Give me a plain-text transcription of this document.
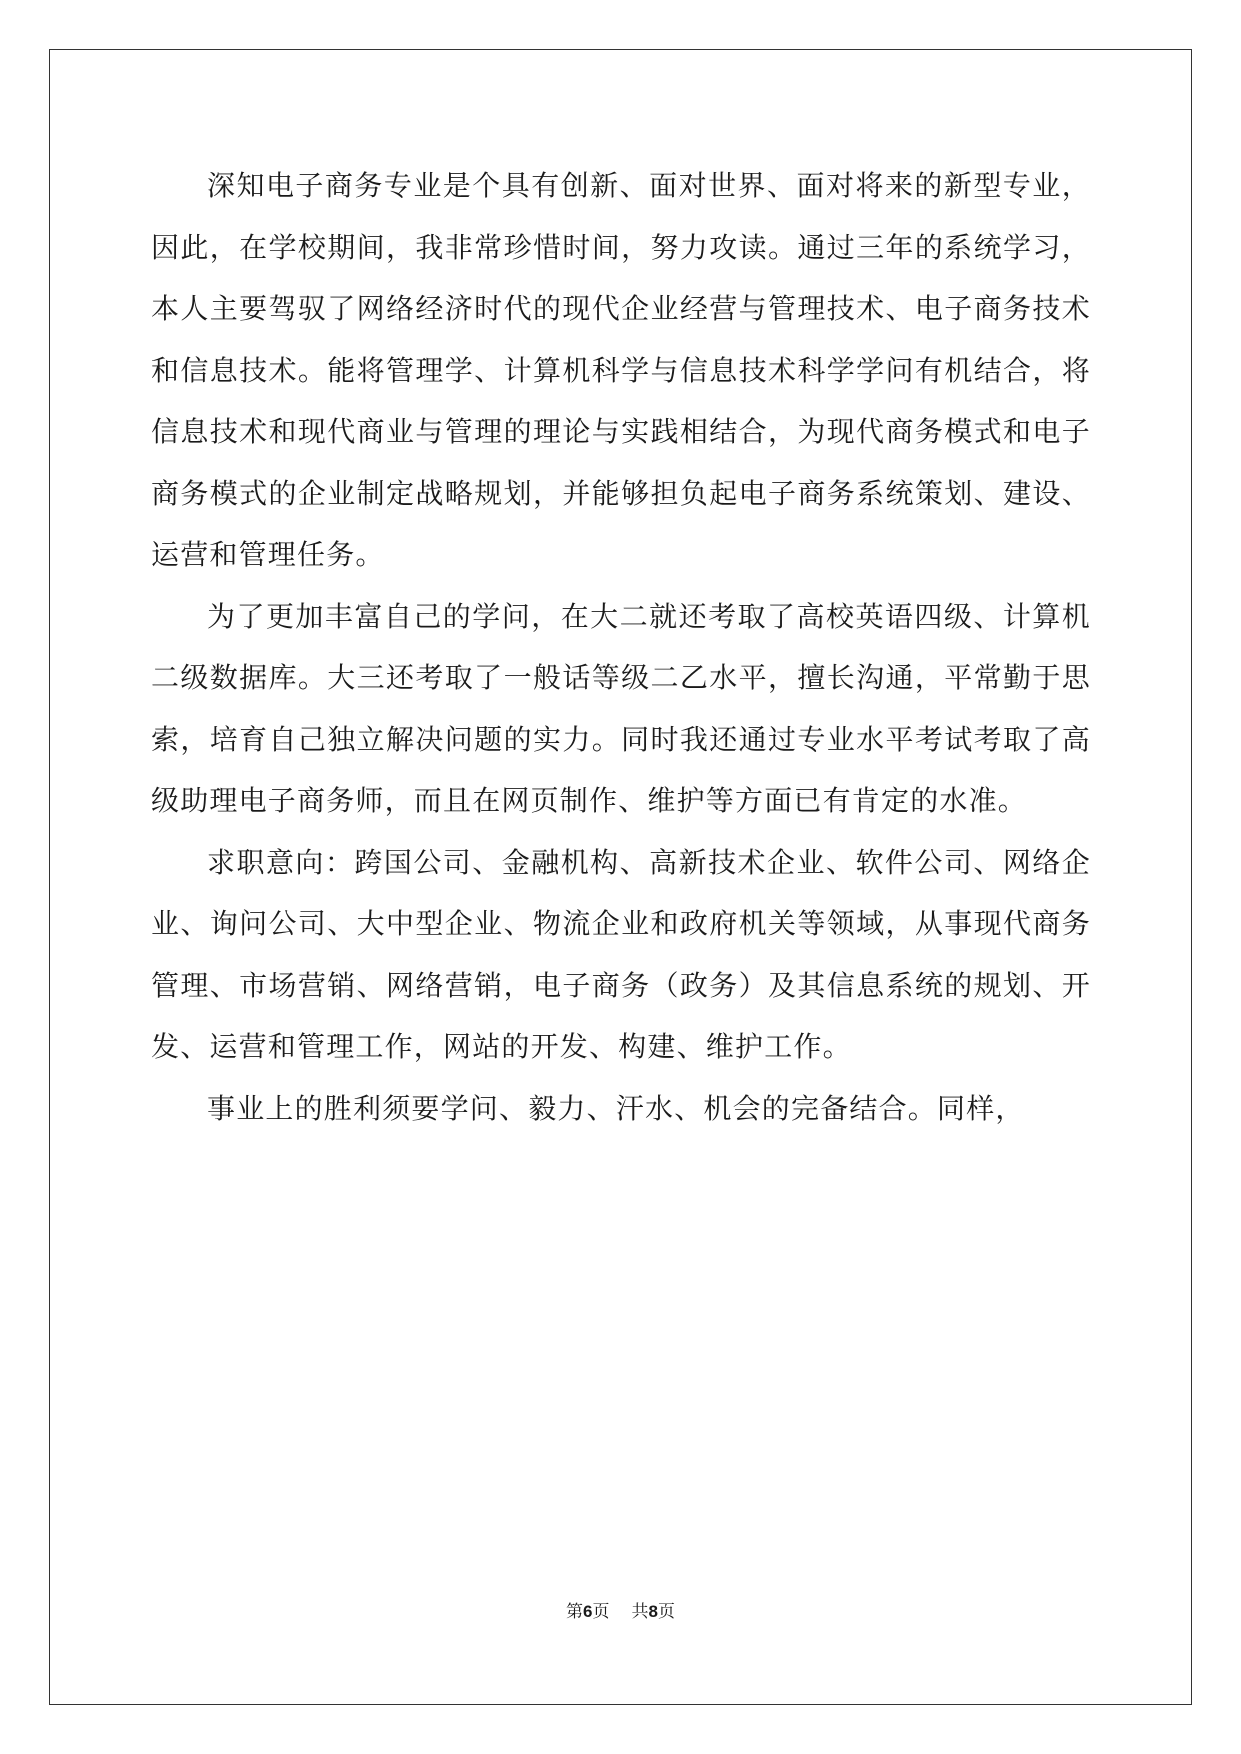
深知电子商务专业是个具有创新、面对世界、面对将来的新型专业，因此，在学校期间，我非常珍惜时间，努力攻读。通过三年的系统学习，本人主要驾驭了网络经济时代的现代企业经营与管理技术、电子商务技术和信息技术。能将管理学、计算机科学与信息技术科学学问有机结合，将信息技术和现代商业与管理的理论与实践相结合，为现代商务模式和电子商务模式的企业制定战略规划，并能够担负起电子商务系统策划、建设、运营和管理任务。

为了更加丰富自己的学问，在大二就还考取了高校英语四级、计算机二级数据库。大三还考取了一般话等级二乙水平，擅长沟通，平常勤于思索，培育自己独立解决问题的实力。同时我还通过专业水平考试考取了高级助理电子商务师，而且在网页制作、维护等方面已有肯定的水准。

求职意向：跨国公司、金融机构、高新技术企业、软件公司、网络企业、询问公司、大中型企业、物流企业和政府机关等领域，从事现代商务管理、市场营销、网络营销，电子商务（政务）及其信息系统的规划、开发、运营和管理工作，网站的开发、构建、维护工作。

事业上的胜利须要学问、毅力、汗水、机会的完备结合。同样，

第6页 共8页
